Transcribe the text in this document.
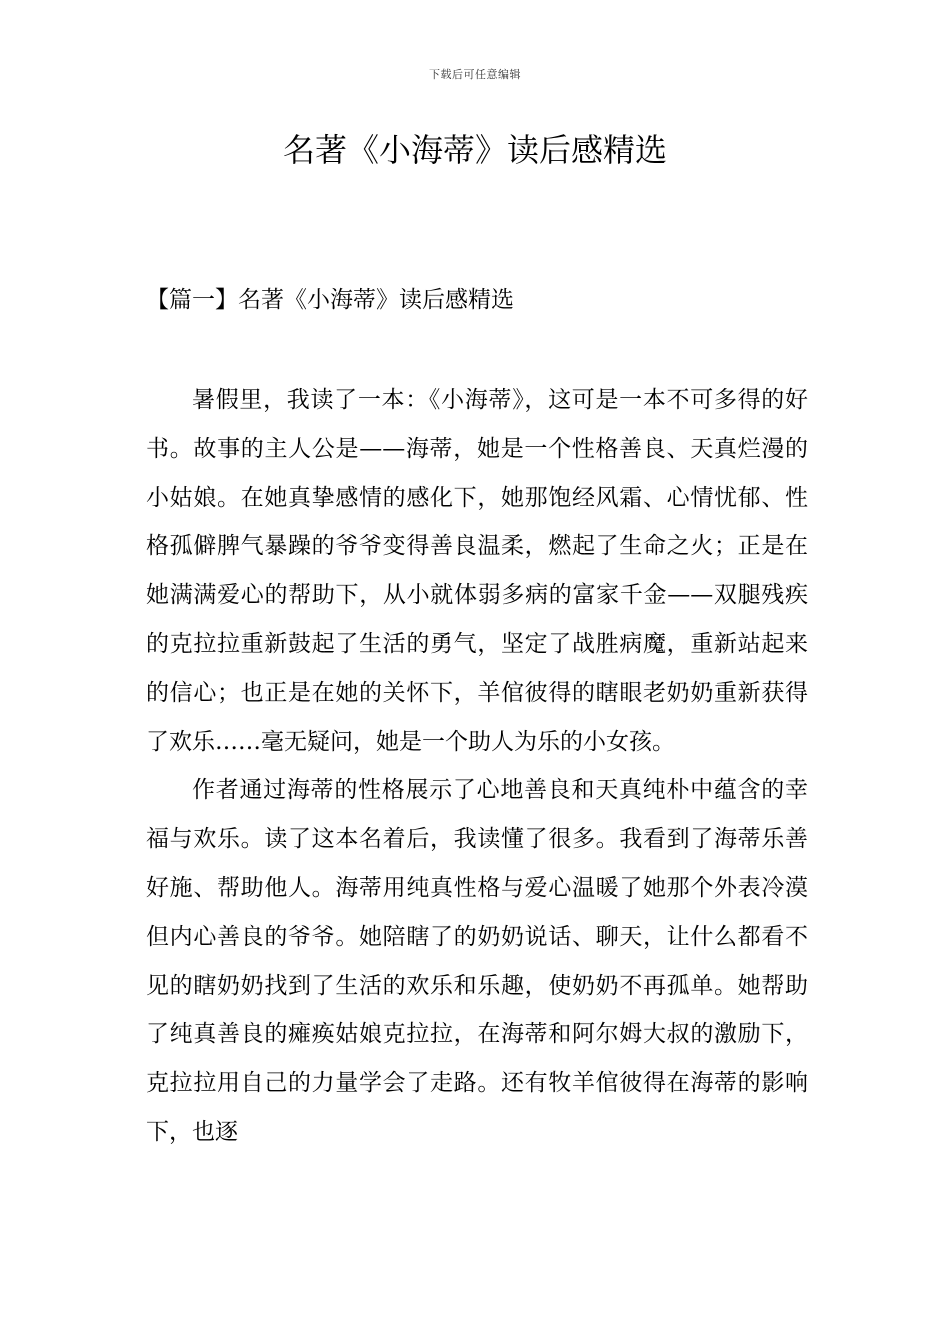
下载后可任意编辑
名著《小海蒂》读后感精选
【篇一】名著《小海蒂》读后感精选

暑假里，我读了一本：《小海蒂》，这可是一本不可多得的好书。故事的主人公是——海蒂，她是一个性格善良、天真烂漫的小姑娘。在她真挚感情的感化下，她那饱经风霜、心情忧郁、性格孤僻脾气暴躁的爷爷变得善良温柔，燃起了生命之火；正是在她满满爱心的帮助下，从小就体弱多病的富家千金——双腿残疾的克拉拉重新鼓起了生活的勇气，坚定了战胜病魔，重新站起来的信心；也正是在她的关怀下，羊倌彼得的瞎眼老奶奶重新获得了欢乐……毫无疑问，她是一个助人为乐的小女孩。

作者通过海蒂的性格展示了心地善良和天真纯朴中蕴含的幸福与欢乐。读了这本名着后，我读懂了很多。我看到了海蒂乐善好施、帮助他人。海蒂用纯真性格与爱心温暖了她那个外表冷漠但内心善良的爷爷。她陪瞎了的奶奶说话、聊天，让什么都看不见的瞎奶奶找到了生活的欢乐和乐趣，使奶奶不再孤单。她帮助了纯真善良的瘫痪姑娘克拉拉，在海蒂和阿尔姆大叔的激励下，克拉拉用自己的力量学会了走路。还有牧羊倌彼得在海蒂的影响下，也逐
